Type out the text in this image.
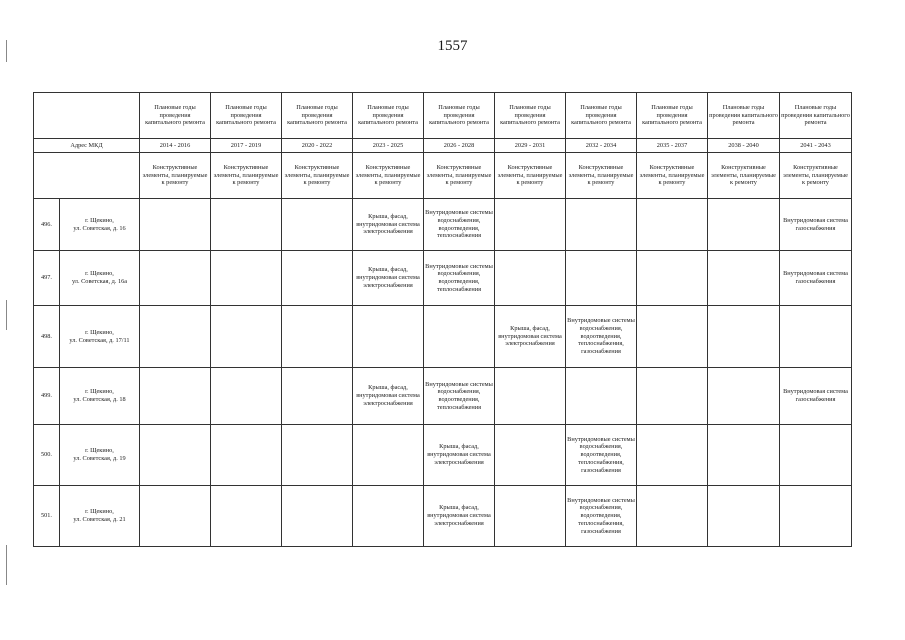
1557
		Плановые годы проведения капитального ремонта	Плановые годы проведения капитального ремонта	Плановые годы проведения капитального ремонта	Плановые годы проведения капитального ремонта	Плановые годы проведения капитального ремонта	Плановые годы проведения капитального ремонта	Плановые годы проведения капитального ремонта	Плановые годы проведения капитального ремонта	Плановые годы проведения капитального ремонта	Плановые годы проведения капитального ремонта
Адрес МКД		2014 - 2016	2017 - 2019	2020 - 2022	2023 - 2025	2026 - 2028	2029 - 2031	2032 - 2034	2035 - 2037	2038 - 2040	2041 - 2043
		Конструктивные элементы, планируемые к ремонту	Конструктивные элементы, планируемые к ремонту	Конструктивные элементы, планируемые к ремонту	Конструктивные элементы, планируемые к ремонту	Конструктивные элементы, планируемые к ремонту	Конструктивные элементы, планируемые к ремонту	Конструктивные элементы, планируемые к ремонту	Конструктивные элементы, планируемые к ремонту	Конструктивные элементы, планируемые к ремонту	Конструктивные элементы, планируемые к ремонту
496.	г. Щекино,
ул. Советская, д. 16				Крыша, фасад, внутридомовая система электроснабжения	Внутридомовые системы водоснабжения, водоотведения, теплоснабжения					Внутридомовая система газоснабжения
497.	г. Щекино,
ул. Советская, д. 16а				Крыша, фасад, внутридомовая система электроснабжения	Внутридомовые системы водоснабжения, водоотведения, теплоснабжения					Внутридомовая система газоснабжения
498.	г. Щекино,
ул. Советская, д. 17/11						Крыша, фасад, внутридомовая система электроснабжения	Внутридомовые системы водоснабжения, водоотведения, теплоснабжения, газоснабжения			
499.	г. Щекино,
ул. Советская, д. 18				Крыша, фасад, внутридомовая система электроснабжения	Внутридомовые системы водоснабжения, водоотведения, теплоснабжения					Внутридомовая система газоснабжения
500.	г. Щекино,
ул. Советская, д. 19					Крыша, фасад, внутридомовая система электроснабжения		Внутридомовые системы водоснабжения, водоотведения, теплоснабжения, газоснабжения			
501.	г. Щекино,
ул. Советская, д. 21					Крыша, фасад, внутридомовая система электроснабжения		Внутридомовые системы водоснабжения, водоотведения, теплоснабжения, газоснабжения			
